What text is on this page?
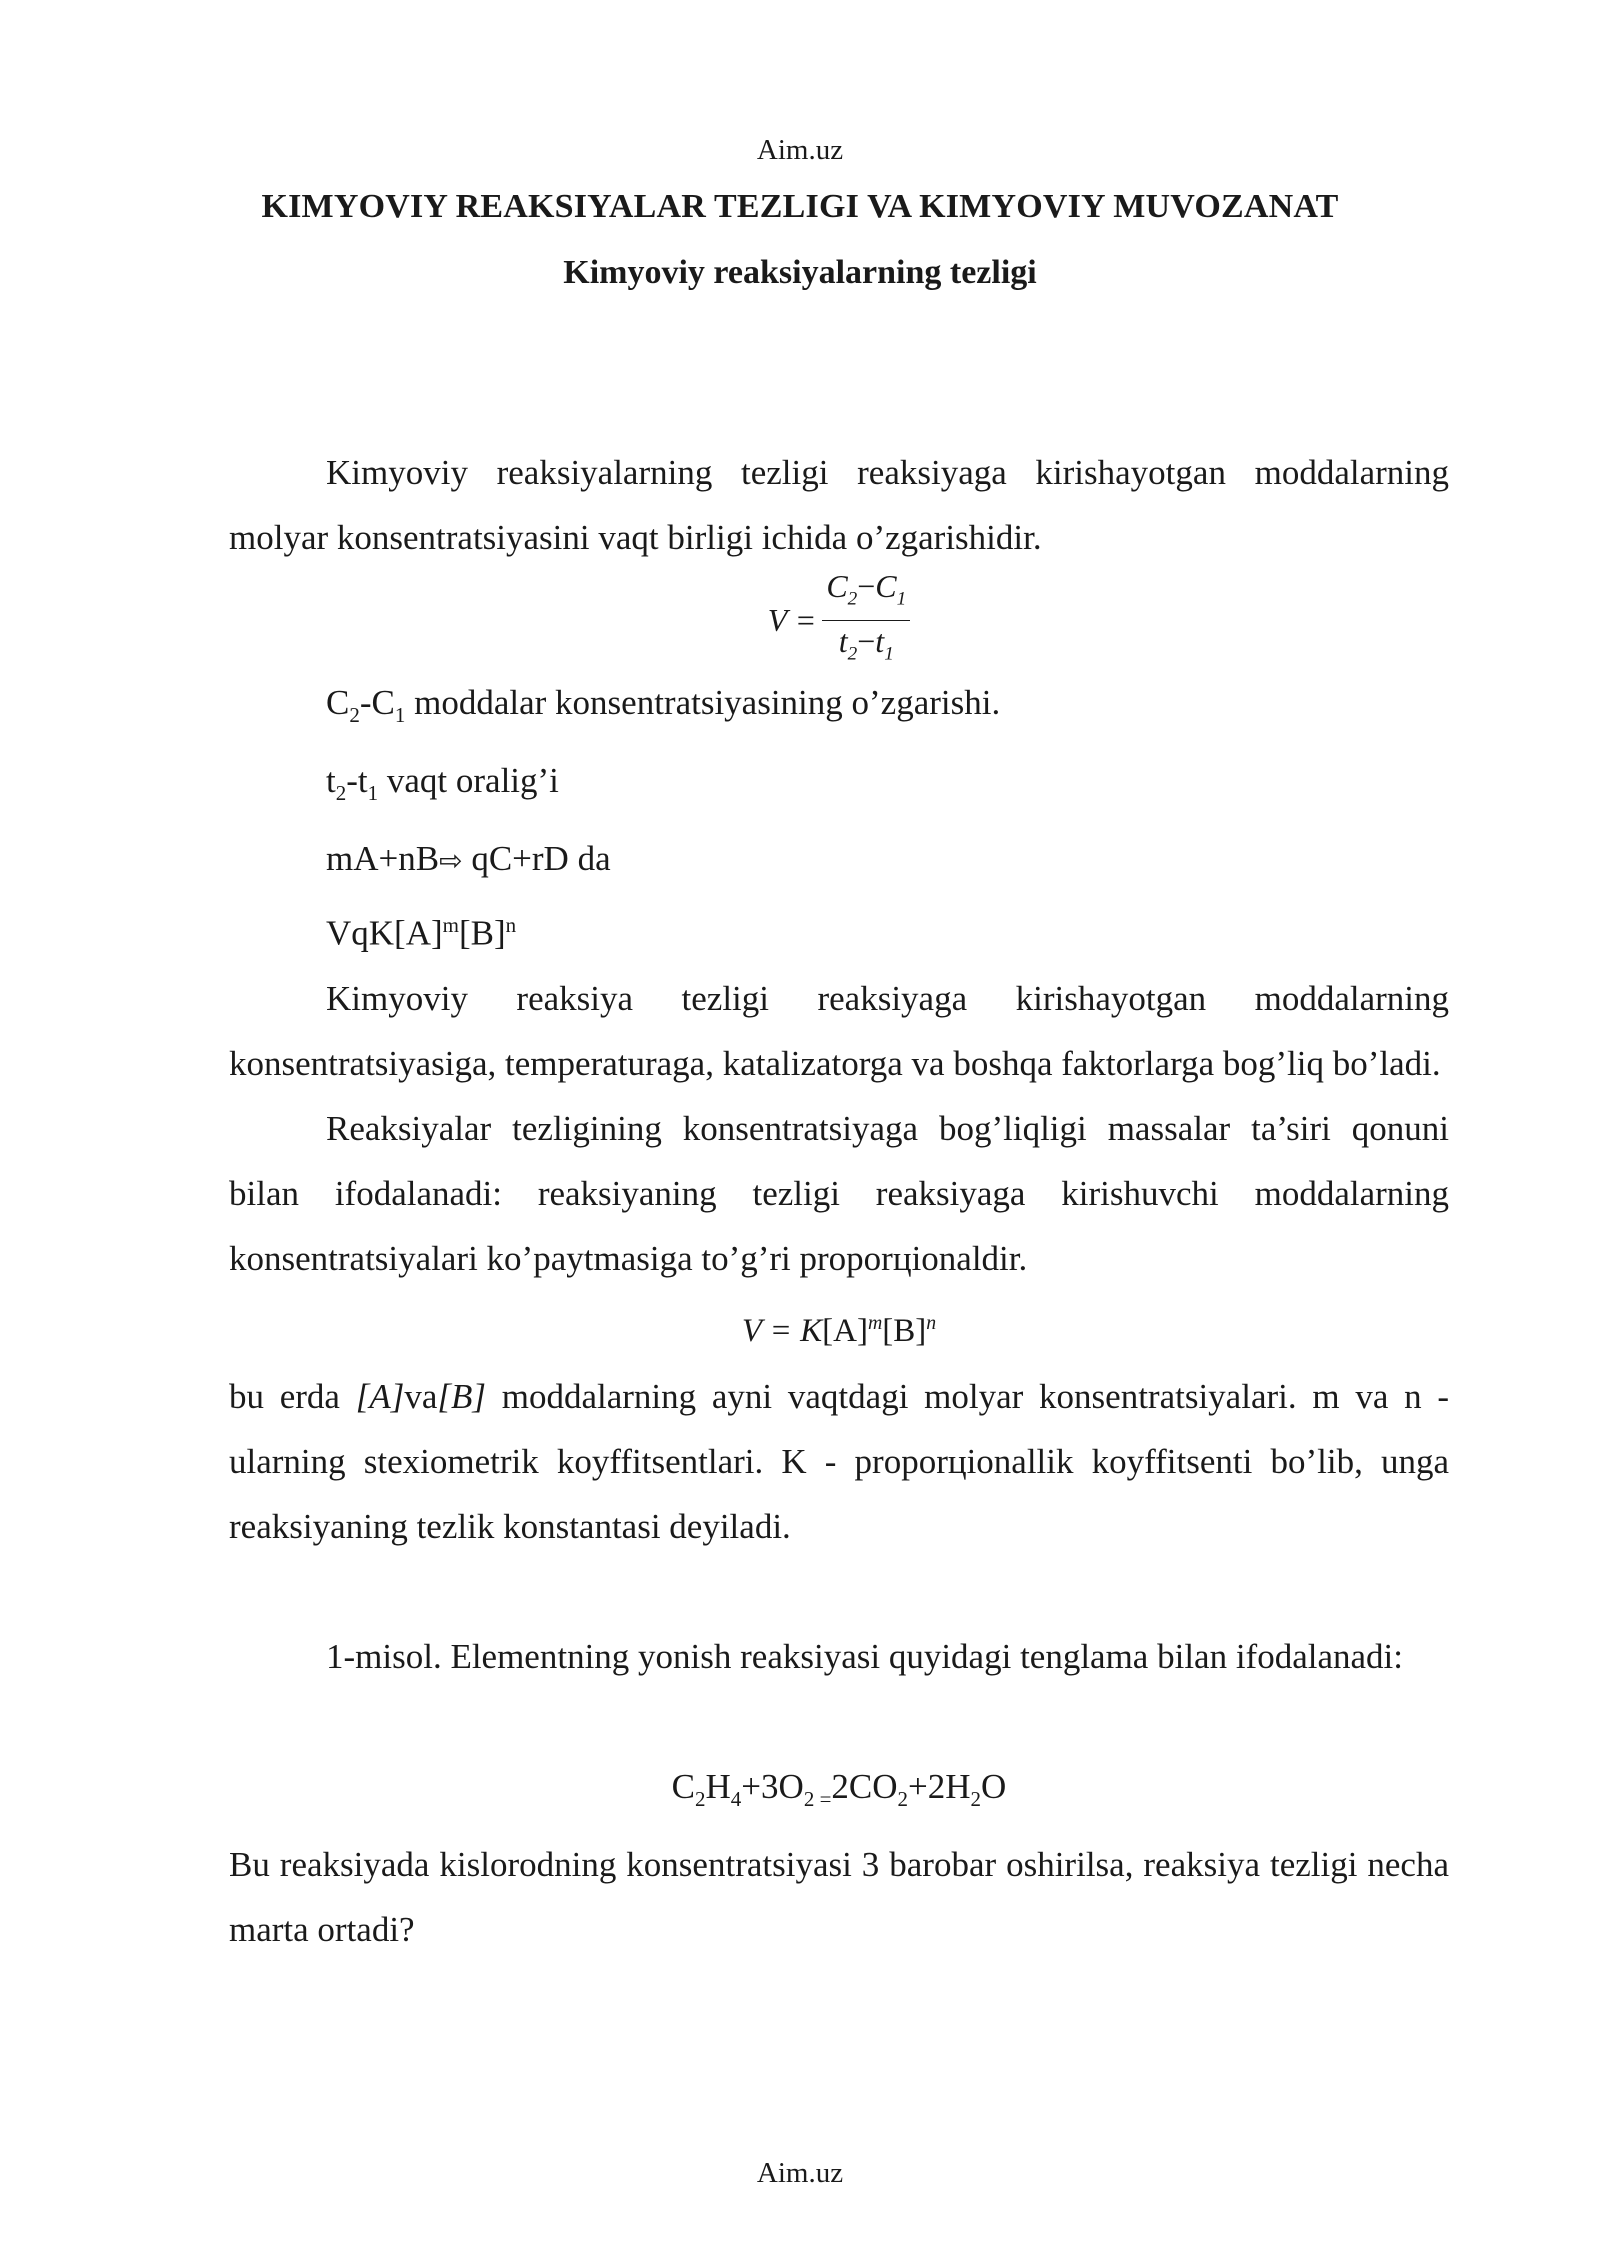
Aim.uz
KIMYOVIY REAKSIYALAR TEZLIGI VA KIMYOVIY MUVOZANAT
Kimyoviy reaksiyalarning tezligi

Kimyoviy reaksiyalarning tezligi reaksiyaga kirishayotgan moddalarning molyar konsentratsiyasini vaqt birligi ichida o’zgarishidir.

$V = \frac{C_2-C_1}{t_2-t_1}$

$C_2-C_1$ moddalar konsentratsiyasining o’zgarishi.

$t_2-t_1$ vaqt oralig’i

mA+nB⇨ qC+rD da

$VqK[A]^m[B]^n$

Kimyoviy reaksiya tezligi reaksiyaga kirishayotgan moddalarning konsentratsiyasiga, temperaturaga, katalizatorga va boshqa faktorlarga bog’liq bo’ladi.

Reaksiyalar tezligining konsentratsiyaga bog’liqligi massalar ta’siri qonuni bilan ifodalanadi: reaksiyaning tezligi reaksiyaga kirishuvchi moddalarning konsentratsiyalari ko’paytmasiga to’g’ri proporцionaldir.

$V = K[A]^m[B]^n$

bu erda [A]va[B] moddalarning ayni vaqtdagi molyar konsentratsiyalari. m va n -ularning stexiometrik koyffitsentlari. K - proporцionallik koyffitsenti bo’lib, unga reaksiyaning tezlik konstantasi deyiladi.

1-misol. Elementning yonish reaksiyasi quyidagi tenglama bilan ifodalanadi:

$C_2H_4+3O_2$ $_=2CO_2+2H_2O$

Bu reaksiyada kislorodning konsentratsiyasi 3 barobar oshirilsa, reaksiya tezligi necha marta ortadi?

Aim.uz
